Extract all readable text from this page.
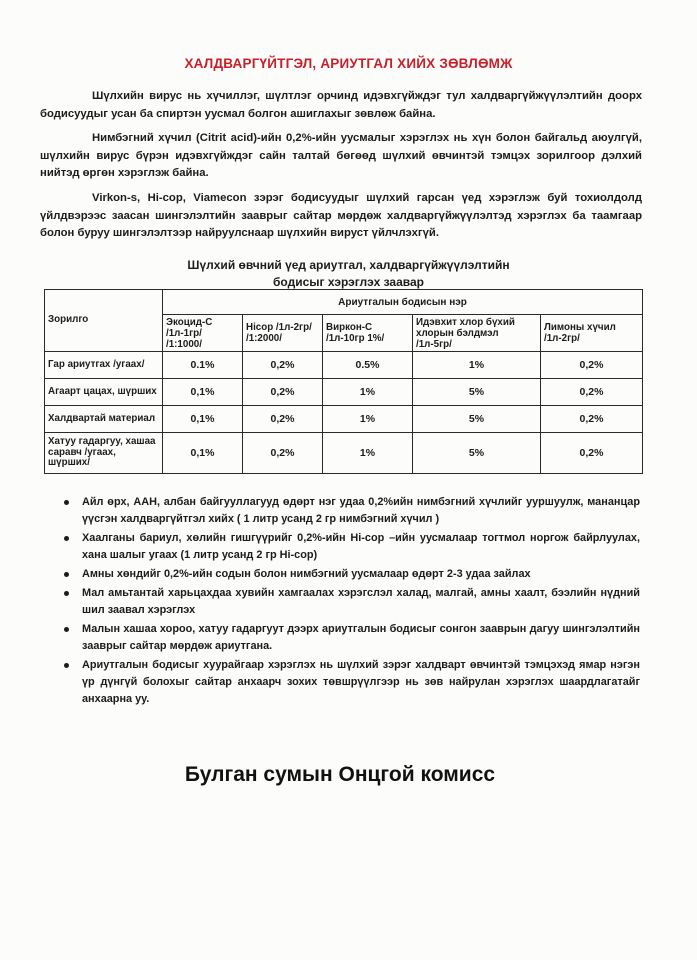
ХАЛДВАРГҮЙТГЭЛ, АРИУТГАЛ ХИЙХ ЗӨВЛӨМЖ

Шүлхийн вирус нь хүчиллэг, шүлтлэг орчинд идэвхгүйждэг тул халдваргүйжүүлэлтийн доорх бодисуудыг усан ба спиртэн уусмал болгон ашиглахыг зөвлөж байна.

Нимбэгний хүчил (Citrit acid)-ийн 0,2%-ийн уусмалыг хэрэглэх нь хүн болон байгальд аюулгүй, шүлхийн вирус бүрэн идэвхгүйждэг сайн талтай бөгөөд шүлхий өвчинтэй тэмцэх зорилгоор дэлхий нийтэд өргөн хэрэглэж байна.

Virkon-s, Hi-cop, Viamecon зэрэг бодисуудыг шүлхий гарсан үед хэрэглэж буй тохиолдолд үйлдвэрээс заасан шингэлэлтийн зааврыг сайтар мөрдөж халдваргүйжүүлэлтэд хэрэглэх ба таамгаар болон буруу шингэлэлтээр найруулснаар шүлхийн вируст үйлчлэхгүй.

Шүлхий өвчний үед ариутгал, халдваргүйжүүлэлтийн
бодисыг хэрэглэх заавар
Зорилго	Ариутгалын бодисын нэр				
	Экоцид-С /1л-1гр/ /1:1000/	Hicop /1л-2гр/ /1:2000/	Виркон-С /1л-10гр 1%/	Идэвхит хлор бүхий хлорын бэлдмэл /1л-5гр/	Лимоны хүчил /1л-2гр/
Гар ариутгах /угаах/	0.1%	0,2%	0.5%	1%	0,2%
Агаарт цацах, шүрших	0,1%	0,2%	1%	5%	0,2%
Халдвартай материал	0,1%	0,2%	1%	5%	0,2%
Хатуу гадаргуу, хашаа саравч /угаах, шүрших/	0,1%	0,2%	1%	5%	0,2%
Айл өрх, ААН, албан байгууллагууд өдөрт нэг удаа 0,2%ийн нимбэгний хүчлийг ууршуулж, мананцар үүсгэн халдваргүйтгэл хийх ( 1 литр усанд 2 гр нимбэгний хүчил )
Хаалганы бариул, хөлийн гишгүүрийг 0,2%-ийн Hi-cop –ийн уусмалаар тогтмол норгож байрлуулах, хана шалыг угаах (1 литр усанд 2 гр Hi-cop)
Амны хөндийг 0,2%-ийн содын болон нимбэгний уусмалаар өдөрт 2-3 удаа зайлах
Мал амьтантай харьцахдаа хувийн хамгаалах хэрэгслэл халад, малгай, амны хаалт, бээлийн нүдний шил заавал хэрэглэх
Малын хашаа хороо, хатуу гадаргуут дээрх ариутгалын бодисыг сонгон зааврын дагуу шингэлэлтийн зааврыг сайтар мөрдөж ариутгана.
Ариутгалын бодисыг хуурайгаар хэрэглэх нь шүлхий зэрэг халдварт өвчинтэй тэмцэхэд ямар нэгэн үр дүнгүй болохыг сайтар анхаарч зохих төвшрүүлгээр нь зөв найрулан хэрэглэх шаардлагатайг анхаарна уу.
Булган сумын Онцгой комисс
